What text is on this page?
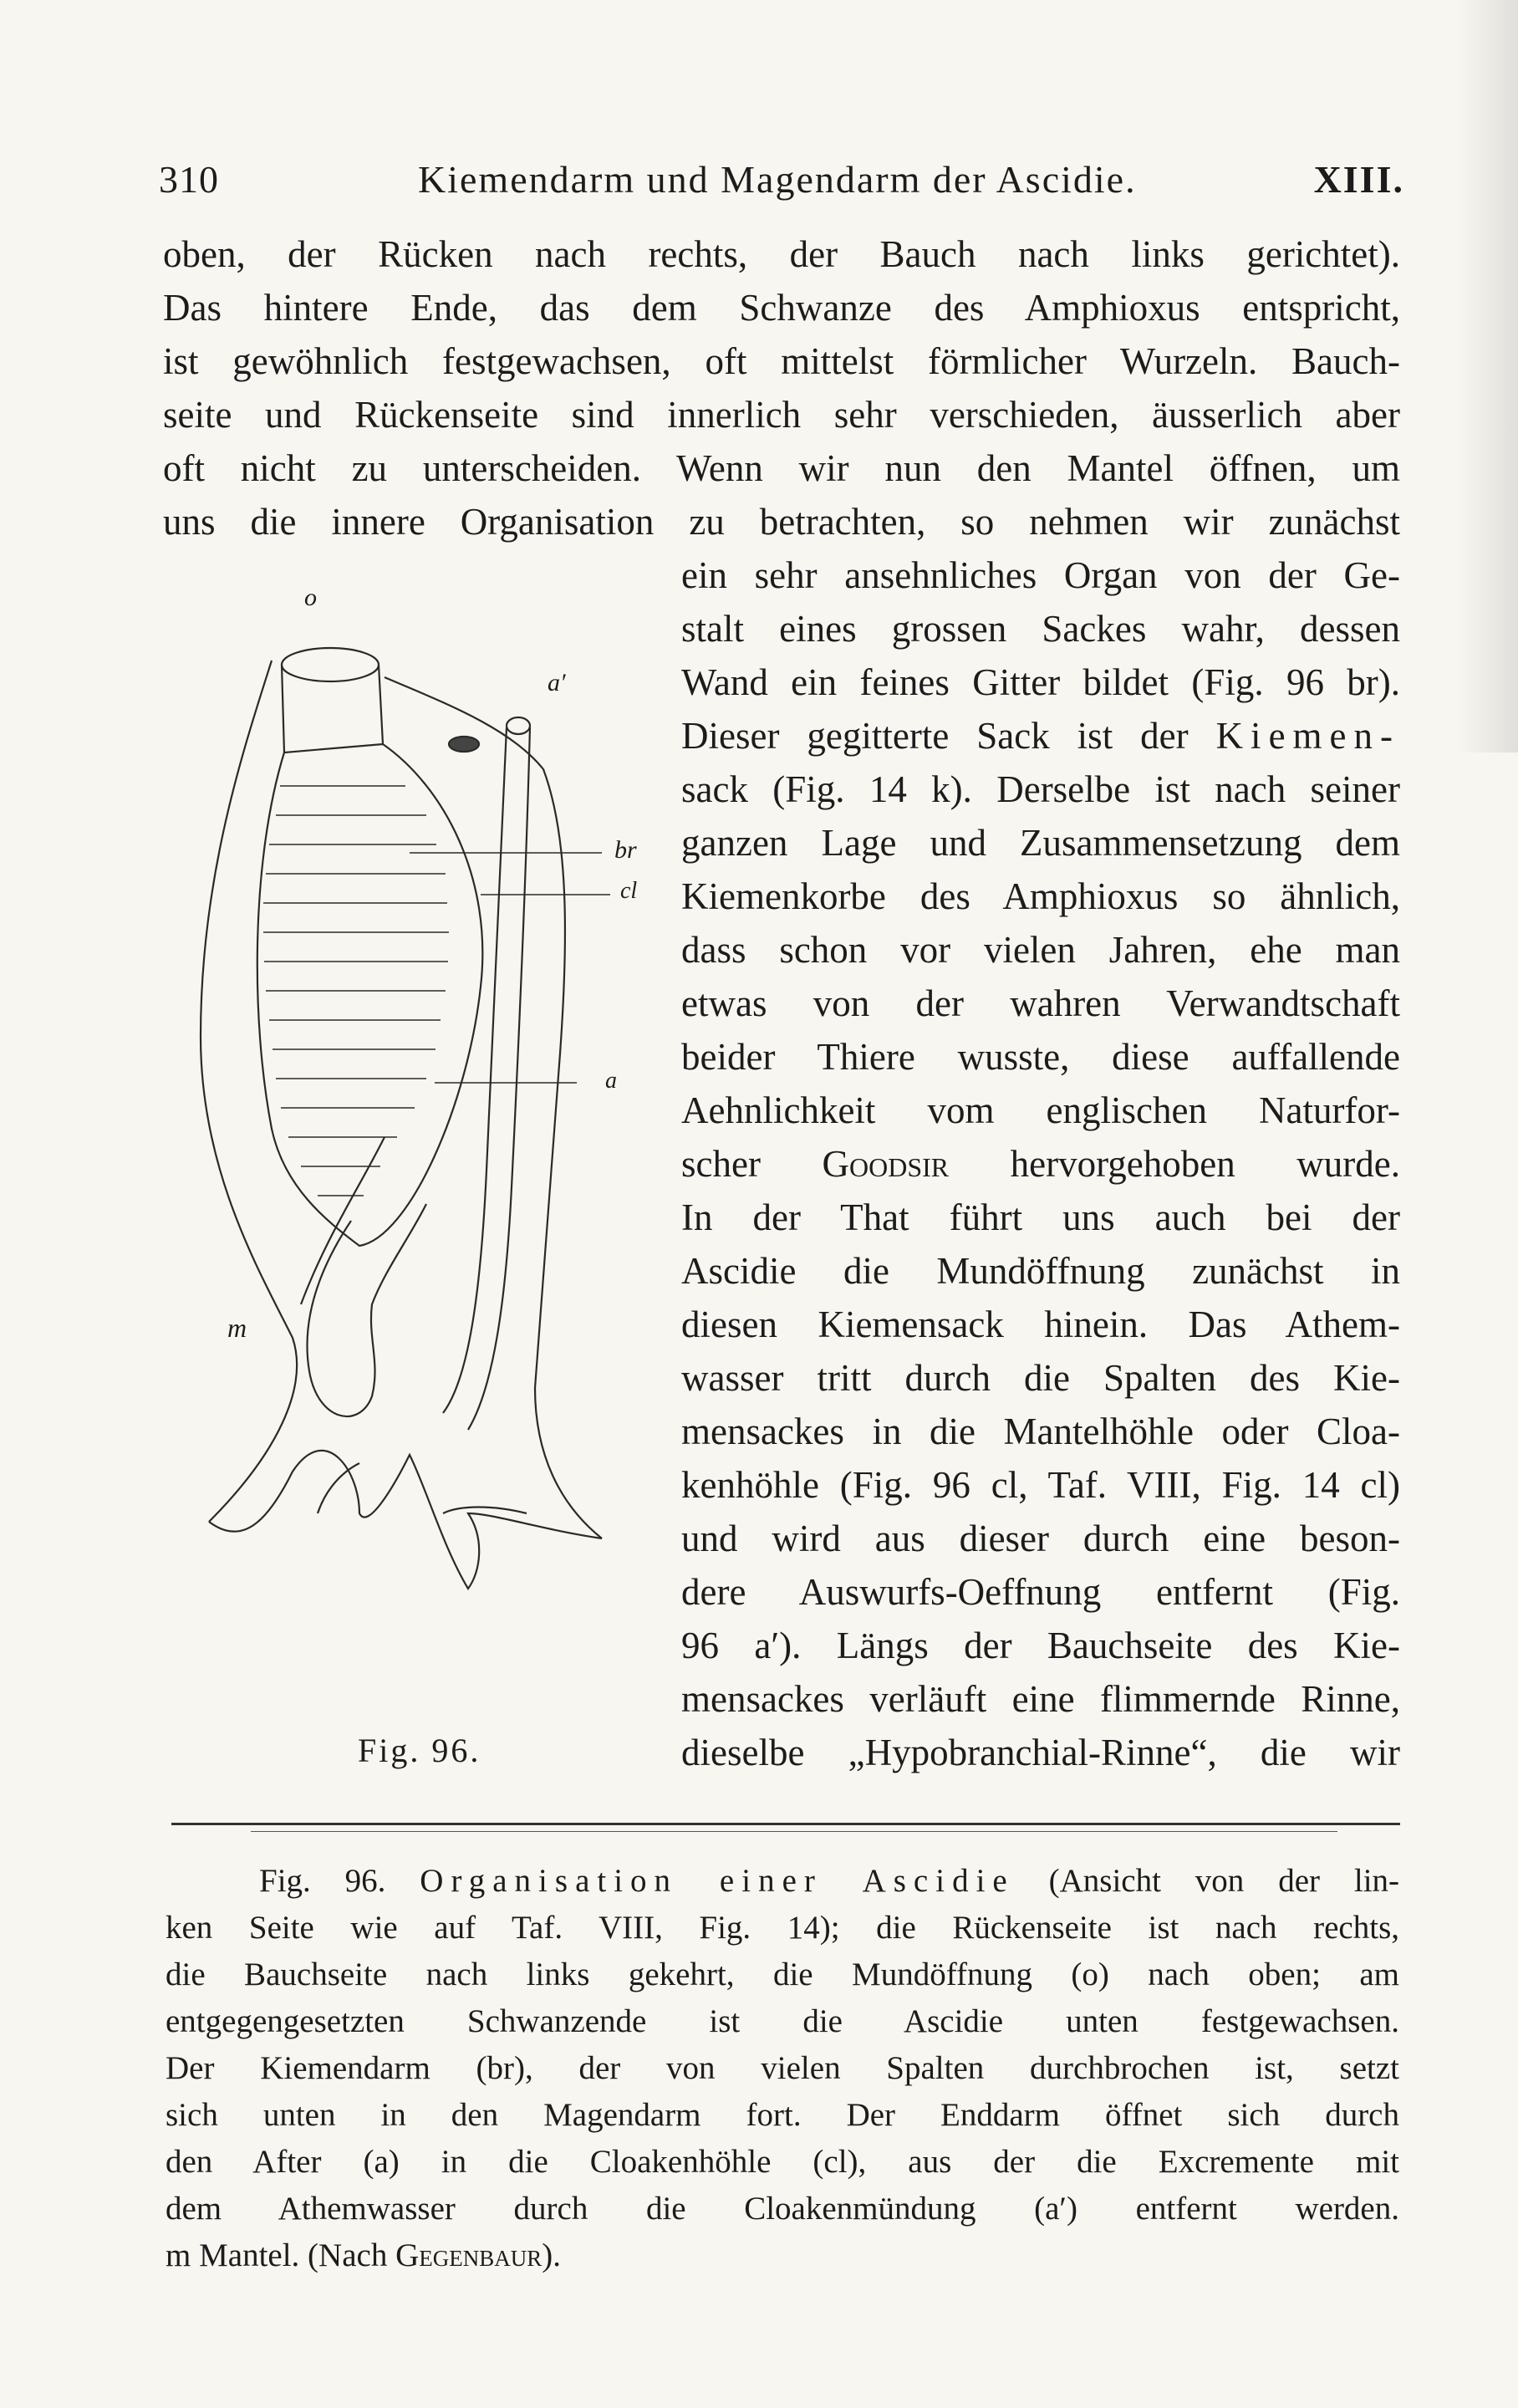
310	Kiemendarm und Magendarm der Ascidie.	XIII.
oben, der Rücken nach rechts, der Bauch nach links gerichtet).
Das hintere Ende, das dem Schwanze des Amphioxus entspricht,
ist gewöhnlich festgewachsen, oft mittelst förmlicher Wurzeln. Bauch-
seite und Rückenseite sind innerlich sehr verschieden, äusserlich aber
oft nicht zu unterscheiden. Wenn wir nun den Mantel öffnen, um
uns die innere Organisation zu betrachten, so nehmen wir zunächst
ein sehr ansehnliches Organ von der Ge-
stalt eines grossen Sackes wahr, dessen
Wand ein feines Gitter bildet (Fig. 96 br).
Dieser gegitterte Sack ist der Kiemen-
sack (Fig. 14 k). Derselbe ist nach seiner
ganzen Lage und Zusammensetzung dem
Kiemenkorbe des Amphioxus so ähnlich,
dass schon vor vielen Jahren, ehe man
etwas von der wahren Verwandtschaft
beider Thiere wusste, diese auffallende
Aehnlichkeit vom englischen Naturfor-
scher Goodsir hervorgehoben wurde.
In der That führt uns auch bei der
Ascidie die Mundöffnung zunächst in
diesen Kiemensack hinein. Das Athem-
wasser tritt durch die Spalten des Kie-
mensackes in die Mantelhöhle oder Cloa-
kenhöhle (Fig. 96 cl, Taf. VIII, Fig. 14 cl)
und wird aus dieser durch eine beson-
dere Auswurfs-Oeffnung entfernt (Fig.
96 a′). Längs der Bauchseite des Kie-
mensackes verläuft eine flimmernde Rinne,
dieselbe „Hypobranchial-Rinne“, die wir
o
a′
br
cl
a
m
Fig. 96.
Fig. 96. Organisation einer Ascidie (Ansicht von der lin-
ken Seite wie auf Taf. VIII, Fig. 14); die Rückenseite ist nach rechts,
die Bauchseite nach links gekehrt, die Mundöffnung (o) nach oben; am
entgegengesetzten Schwanzende ist die Ascidie unten festgewachsen.
Der Kiemendarm (br), der von vielen Spalten durchbrochen ist, setzt
sich unten in den Magendarm fort. Der Enddarm öffnet sich durch
den After (a) in die Cloakenhöhle (cl), aus der die Excremente mit
dem Athemwasser durch die Cloakenmündung (a′) entfernt werden.
m Mantel. (Nach Gegenbaur).
